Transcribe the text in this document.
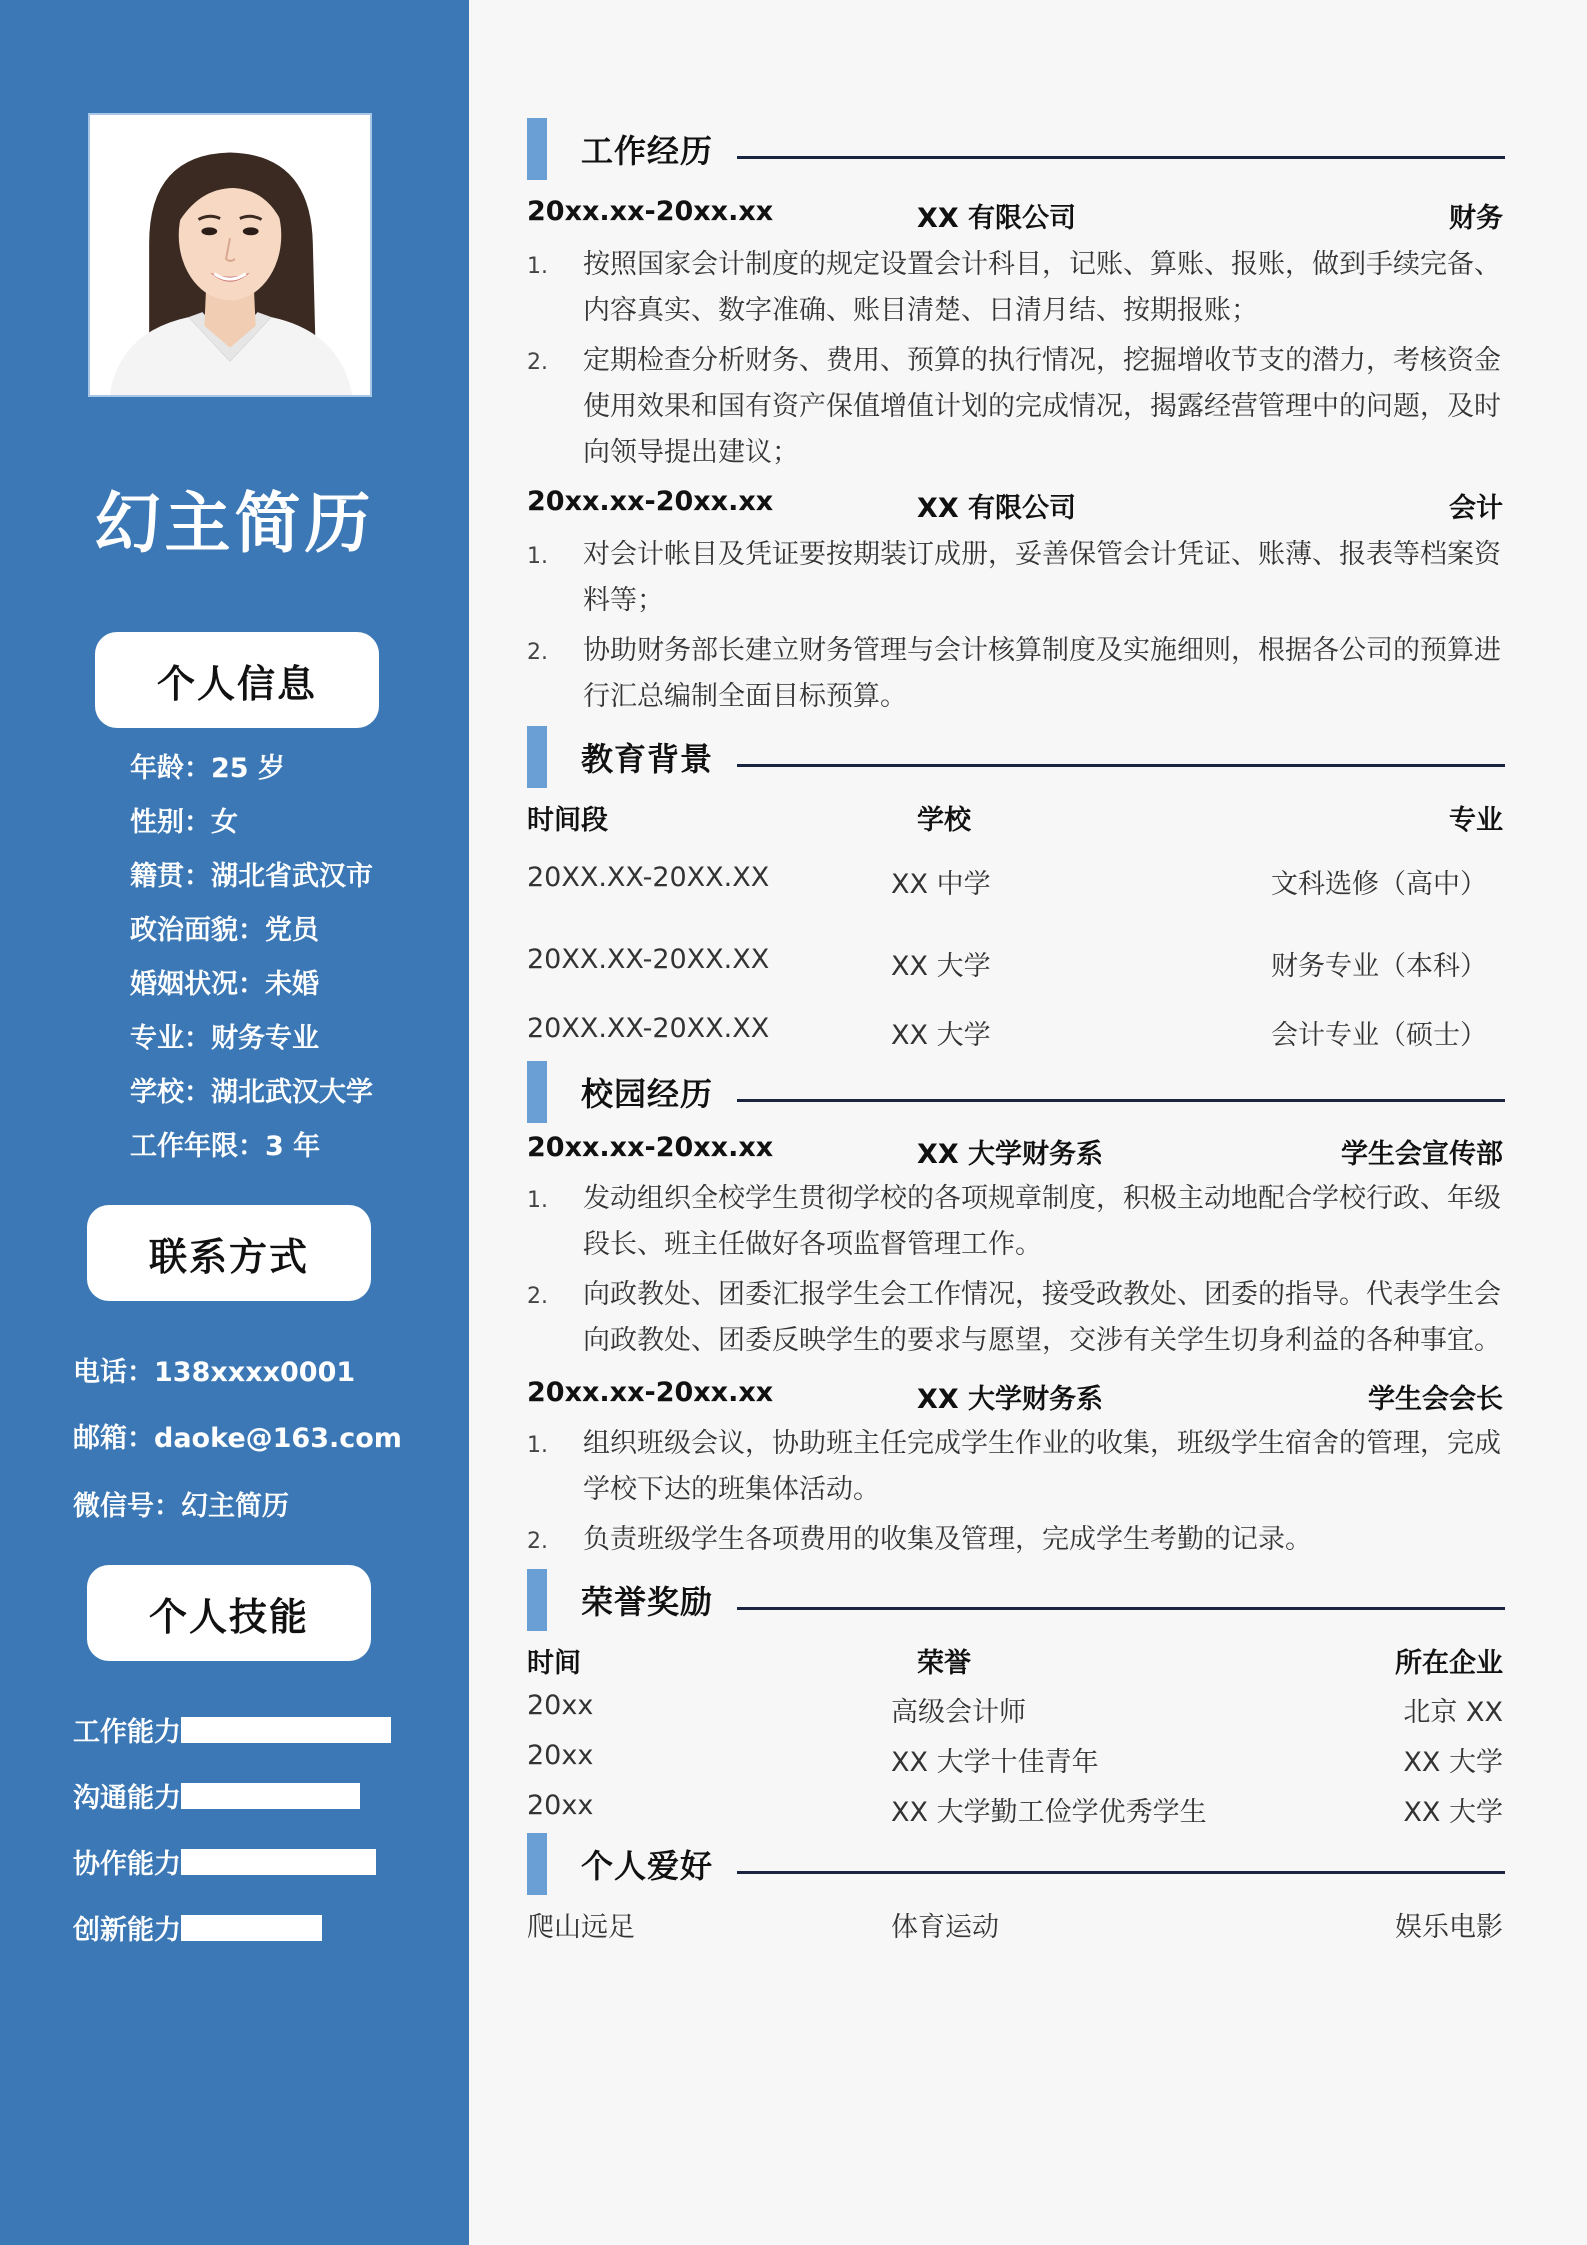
幻主简历
个人信息
年龄：25 岁
性别：女
籍贯：湖北省武汉市
政治面貌：党员
婚姻状况：未婚
专业：财务专业
学校：湖北武汉大学
工作年限：3 年
联系方式
电话：138xxxx0001
邮箱：daoke@163.com
微信号：幻主简历
个人技能
工作能力
沟通能力
协作能力
创新能力
工作经历
20xx.xx-20xx.xx	XX 有限公司	财务
1.	按照国家会计制度的规定设置会计科目，记账、算账、报账，做到手续完备、内容真实、数字准确、账目清楚、日清月结、按期报账；
2.	定期检查分析财务、费用、预算的执行情况，挖掘增收节支的潜力，考核资金使用效果和国有资产保值增值计划的完成情况，揭露经营管理中的问题，及时向领导提出建议；
20xx.xx-20xx.xx	XX 有限公司	会计
1.	对会计帐目及凭证要按期装订成册，妥善保管会计凭证、账薄、报表等档案资料等；
2.	协助财务部长建立财务管理与会计核算制度及实施细则，根据各公司的预算进行汇总编制全面目标预算。
教育背景
时间段	学校	专业
20XX.XX-20XX.XX	XX 中学	文科选修（高中）
20XX.XX-20XX.XX	XX 大学	财务专业（本科）
20XX.XX-20XX.XX	XX 大学	会计专业（硕士）
校园经历
20xx.xx-20xx.xx	XX 大学财务系	学生会宣传部
1.	发动组织全校学生贯彻学校的各项规章制度，积极主动地配合学校行政、年级段长、班主任做好各项监督管理工作。
2.	向政教处、团委汇报学生会工作情况，接受政教处、团委的指导。代表学生会向政教处、团委反映学生的要求与愿望，交涉有关学生切身利益的各种事宜。
20xx.xx-20xx.xx	XX 大学财务系	学生会会长
1.	组织班级会议，协助班主任完成学生作业的收集，班级学生宿舍的管理，完成学校下达的班集体活动。
2.	负责班级学生各项费用的收集及管理，完成学生考勤的记录。
荣誉奖励
时间	荣誉	所在企业
20xx	高级会计师	北京 XX
20xx	XX 大学十佳青年	XX 大学
20xx	XX 大学勤工俭学优秀学生	XX 大学
个人爱好
爬山远足	体育运动	娱乐电影
